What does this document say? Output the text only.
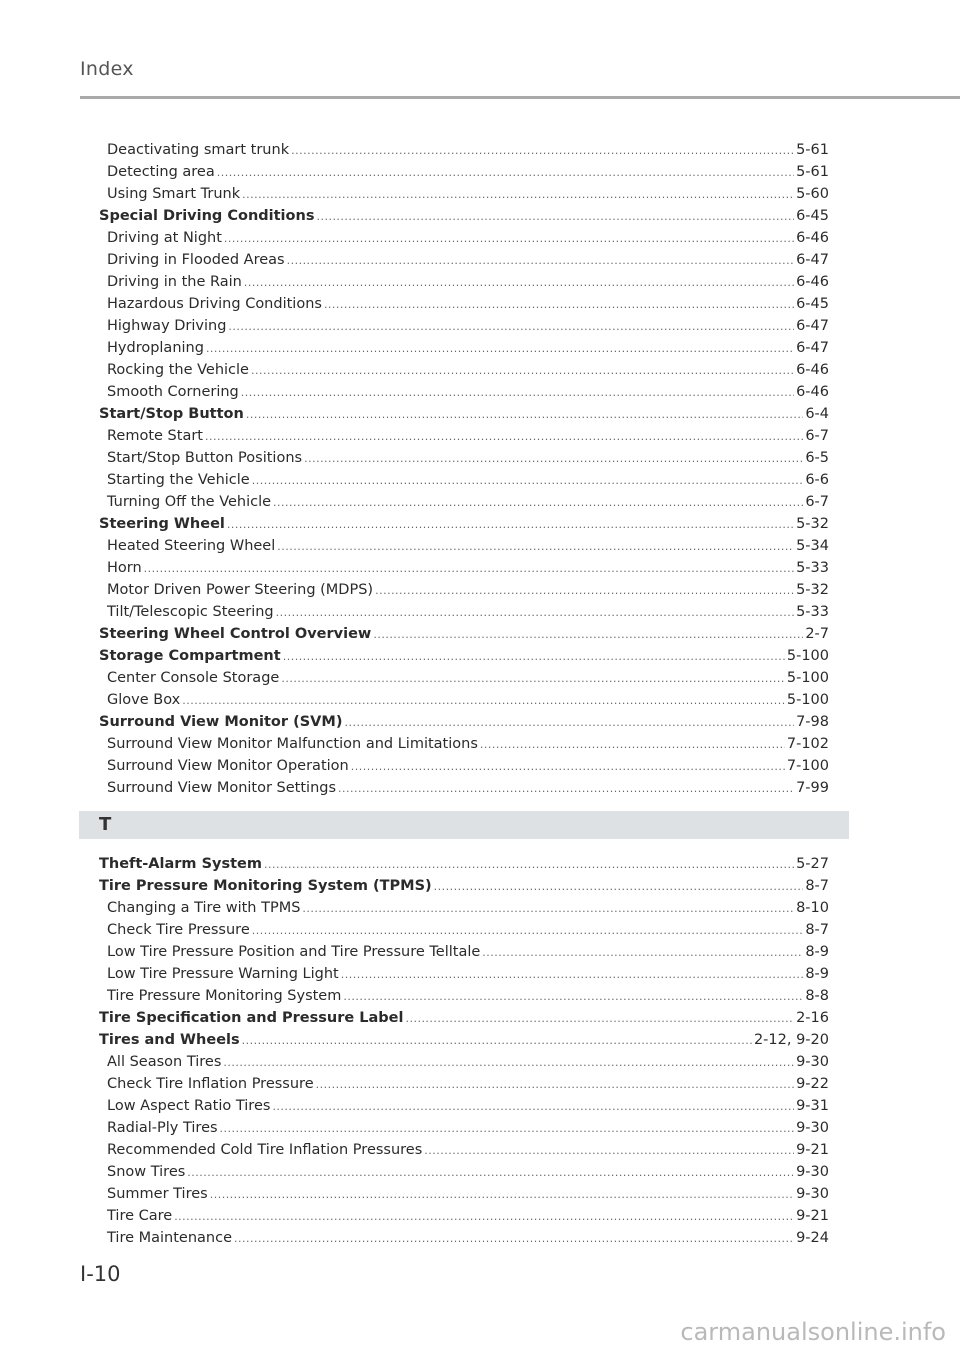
Index
Deactivating smart trunk .....	5-61
Detecting area .....	5-61
Using Smart Trunk .....	5-60
Special Driving Conditions .....	6-45
Driving at Night .....	6-46
Driving in Flooded Areas .....	6-47
Driving in the Rain .....	6-46
Hazardous Driving Conditions .....	6-45
Highway Driving .....	6-47
Hydroplaning .....	6-47
Rocking the Vehicle .....	6-46
Smooth Cornering .....	6-46
Start/Stop Button .....	6-4
Remote Start .....	6-7
Start/Stop Button Positions .....	6-5
Starting the Vehicle .....	6-6
Turning Off the Vehicle .....	6-7
Steering Wheel .....	5-32
Heated Steering Wheel .....	5-34
Horn .....	5-33
Motor Driven Power Steering (MDPS) .....	5-32
Tilt/Telescopic Steering .....	5-33
Steering Wheel Control Overview .....	2-7
Storage Compartment .....	5-100
Center Console Storage .....	5-100
Glove Box .....	5-100
Surround View Monitor (SVM) .....	7-98
Surround View Monitor Malfunction and Limitations .....	7-102
Surround View Monitor Operation .....	7-100
Surround View Monitor Settings .....	7-99
T
Theft-Alarm System .....	5-27
Tire Pressure Monitoring System (TPMS) .....	8-7
Changing a Tire with TPMS .....	8-10
Check Tire Pressure .....	8-7
Low Tire Pressure Position and Tire Pressure Telltale .....	8-9
Low Tire Pressure Warning Light .....	8-9
Tire Pressure Monitoring System .....	8-8
Tire Specification and Pressure Label .....	2-16
Tires and Wheels .....	2-12, 9-20
All Season Tires .....	9-30
Check Tire Inflation Pressure .....	9-22
Low Aspect Ratio Tires .....	9-31
Radial-Ply Tires .....	9-30
Recommended Cold Tire Inflation Pressures .....	9-21
Snow Tires .....	9-30
Summer Tires .....	9-30
Tire Care .....	9-21
Tire Maintenance .....	9-24
I-10
carmanualsonline.info
